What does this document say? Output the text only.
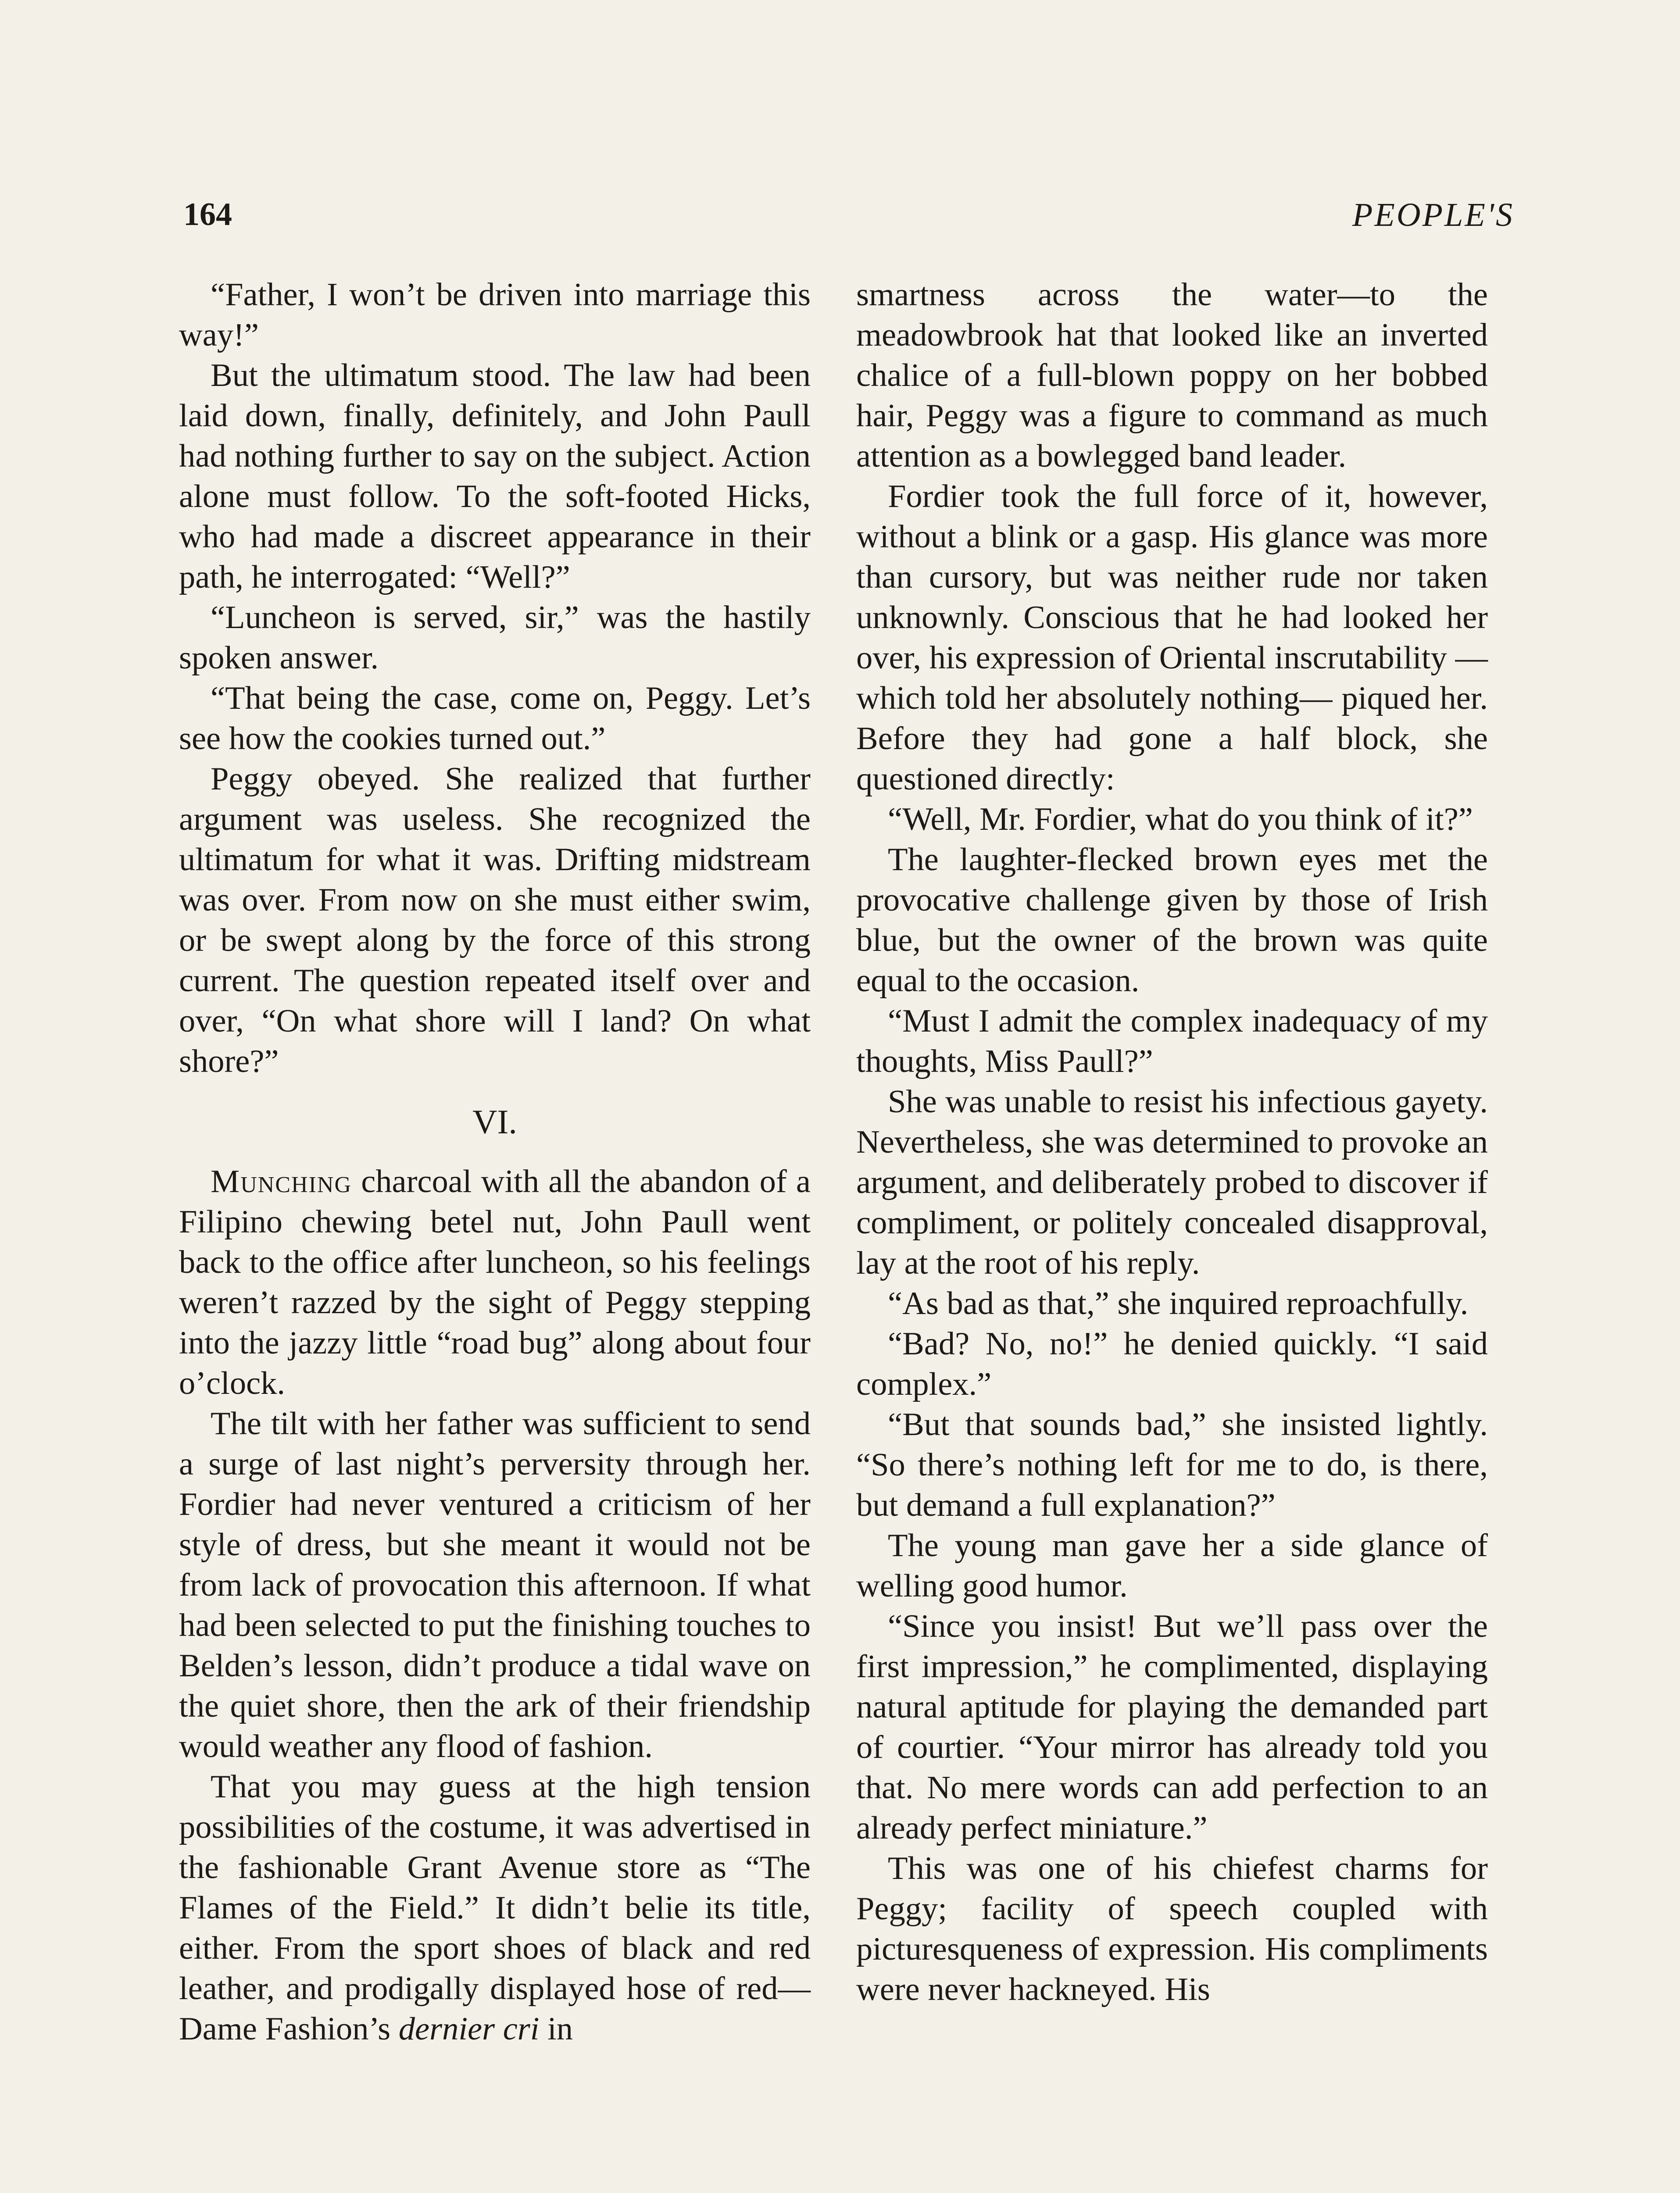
164	PEOPLE'S

“Father, I won’t be driven into marriage this way!”

But the ultimatum stood. The law had been laid down, finally, definitely, and John Paull had nothing further to say on the subject. Action alone must follow. To the soft-footed Hicks, who had made a discreet appearance in their path, he interrogated: “Well?”

“Luncheon is served, sir,” was the hastily spoken answer.

“That being the case, come on, Peggy. Let’s see how the cookies turned out.”

Peggy obeyed. She realized that further argument was useless. She recognized the ultimatum for what it was. Drifting midstream was over. From now on she must either swim, or be swept along by the force of this strong current. The question repeated itself over and over, “On what shore will I land? On what shore?”

VI.

Munching charcoal with all the abandon of a Filipino chewing betel nut, John Paull went back to the office after luncheon, so his feelings weren’t razzed by the sight of Peggy stepping into the jazzy little “road bug” along about four o’clock.

The tilt with her father was sufficient to send a surge of last night’s perversity through her. Fordier had never ventured a criticism of her style of dress, but she meant it would not be from lack of provocation this afternoon. If what had been selected to put the finishing touches to Belden’s lesson, didn’t produce a tidal wave on the quiet shore, then the ark of their friendship would weather any flood of fashion.

That you may guess at the high tension possibilities of the costume, it was advertised in the fashionable Grant Avenue store as “The Flames of the Field.” It didn’t belie its title, either. From the sport shoes of black and red leather, and prodigally displayed hose of red—Dame Fashion’s dernier cri in

smartness across the water—to the meadowbrook hat that looked like an inverted chalice of a full-blown poppy on her bobbed hair, Peggy was a figure to command as much attention as a bowlegged band leader.

Fordier took the full force of it, however, without a blink or a gasp. His glance was more than cursory, but was neither rude nor taken unknownly. Conscious that he had looked her over, his expression of Oriental inscrutability —which told her absolutely nothing— piqued her. Before they had gone a half block, she questioned directly:

“Well, Mr. Fordier, what do you think of it?”

The laughter-flecked brown eyes met the provocative challenge given by those of Irish blue, but the owner of the brown was quite equal to the occasion.

“Must I admit the complex inadequacy of my thoughts, Miss Paull?”

She was unable to resist his infectious gayety. Nevertheless, she was determined to provoke an argument, and deliberately probed to discover if compliment, or politely concealed disapproval, lay at the root of his reply.

“As bad as that,” she inquired reproachfully.

“Bad? No, no!” he denied quickly. “I said complex.”

“But that sounds bad,” she insisted lightly. “So there’s nothing left for me to do, is there, but demand a full explanation?”

The young man gave her a side glance of welling good humor.

“Since you insist! But we’ll pass over the first impression,” he complimented, displaying natural aptitude for playing the demanded part of courtier. “Your mirror has already told you that. No mere words can add perfection to an already perfect miniature.”

This was one of his chiefest charms for Peggy; facility of speech coupled with picturesqueness of expression. His compliments were never hackneyed. His
